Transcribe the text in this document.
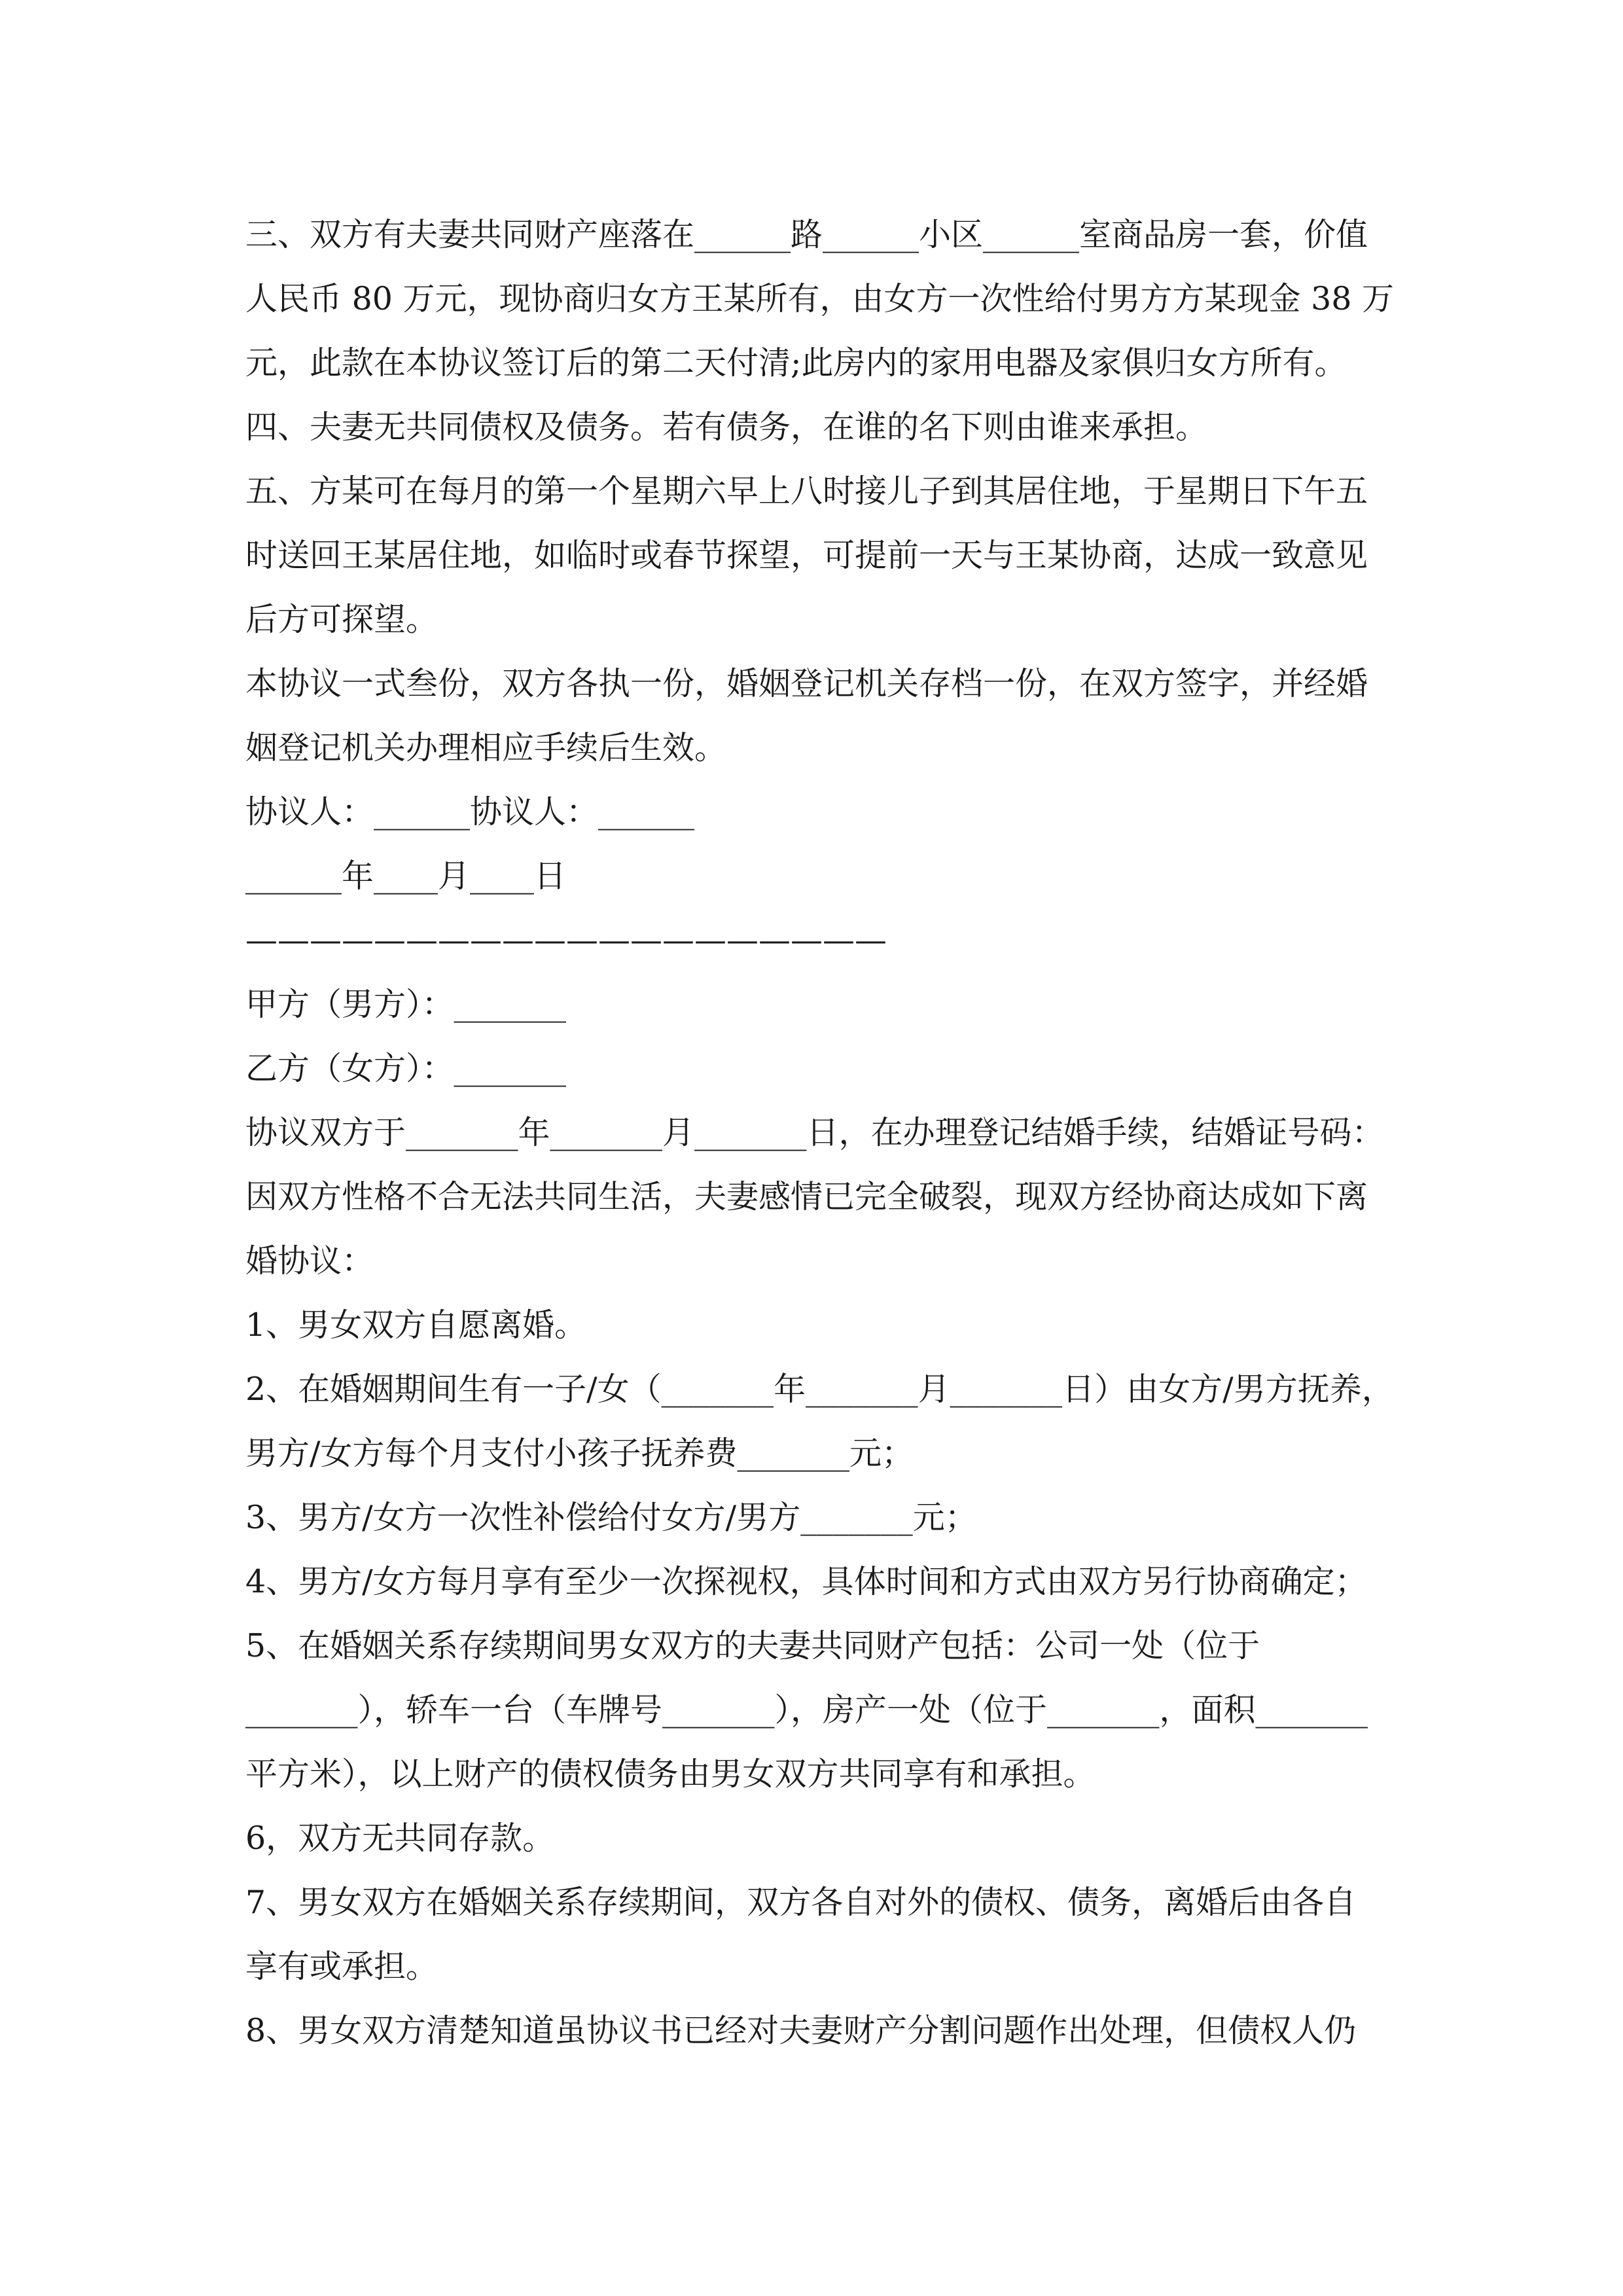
三、双方有夫妻共同财产座落在______路______小区______室商品房一套，价值
人民币 80 万元，现协商归女方王某所有，由女方一次性给付男方方某现金 38 万
元，此款在本协议签订后的第二天付清;此房内的家用电器及家俱归女方所有。

四、夫妻无共同债权及债务。若有债务，在谁的名下则由谁来承担。

五、方某可在每月的第一个星期六早上八时接儿子到其居住地，于星期日下午五
时送回王某居住地，如临时或春节探望，可提前一天与王某协商，达成一致意见
后方可探望。

本协议一式叁份，双方各执一份，婚姻登记机关存档一份，在双方签字，并经婚
姻登记机关办理相应手续后生效。

协议人：______协议人：______

______年____月____日

————————————————————

甲方（男方）：_______

乙方（女方）：_______

协议双方于_______年_______月_______日，在办理登记结婚手续，结婚证号码：
因双方性格不合无法共同生活，夫妻感情已完全破裂，现双方经协商达成如下离
婚协议：

1、男女双方自愿离婚。

2、在婚姻期间生有一子/女（_______年_______月_______日）由女方/男方抚养，
男方/女方每个月支付小孩子抚养费_______元；

3、男方/女方一次性补偿给付女方/男方_______元；

4、男方/女方每月享有至少一次探视权，具体时间和方式由双方另行协商确定；

5、在婚姻关系存续期间男女双方的夫妻共同财产包括：公司一处（位于
_______），轿车一台（车牌号_______），房产一处（位于_______，面积_______
平方米），以上财产的债权债务由男女双方共同享有和承担。

6，双方无共同存款。

7、男女双方在婚姻关系存续期间，双方各自对外的债权、债务，离婚后由各自
享有或承担。

8、男女双方清楚知道虽协议书已经对夫妻财产分割问题作出处理，但债权人仍
